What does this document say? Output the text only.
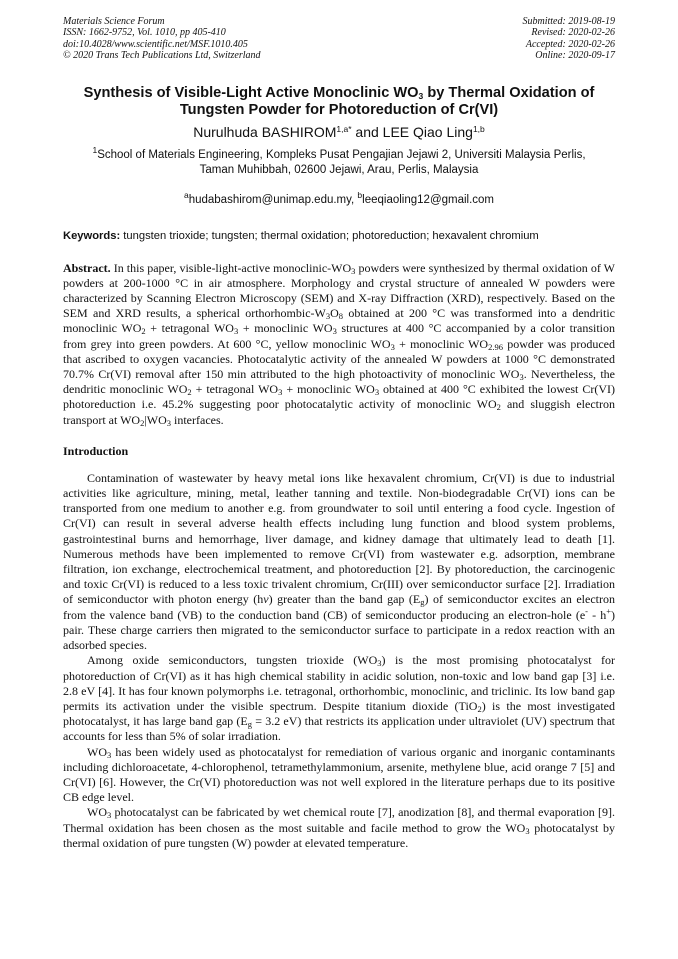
Materials Science Forum
ISSN: 1662-9752, Vol. 1010, pp 405-410
doi:10.4028/www.scientific.net/MSF.1010.405
© 2020 Trans Tech Publications Ltd, Switzerland
Submitted: 2019-08-19
Revised: 2020-02-26
Accepted: 2020-02-26
Online: 2020-09-17
Synthesis of Visible-Light Active Monoclinic $WO_3$ by Thermal Oxidation of Tungsten Powder for Photoreduction of Cr(VI)
Nurulhuda $BASHIROM^{1,a*}$ and LEE Qiao Ling$^{1,b}$
$^1$School of Materials Engineering, Kompleks Pusat Pengajian Jejawi 2, Universiti Malaysia Perlis, Taman Muhibbah, 02600 Jejawi, Arau, Perlis, Malaysia
$^a$hudabashirom@unimap.edu.my, $^b$leeqiaoling12@gmail.com
Keywords: tungsten trioxide; tungsten; thermal oxidation; photoreduction; hexavalent chromium
Abstract. In this paper, visible-light-active monoclinic-$WO_3$ powders were synthesized by thermal oxidation of W powders at 200-1000 °C in air atmosphere. Morphology and crystal structure of annealed W powders were characterized by Scanning Electron Microscopy (SEM) and X-ray Diffraction (XRD), respectively. Based on the SEM and XRD results, a spherical orthorhombic-$W_3O_8$ obtained at 200 °C was transformed into a dendritic monoclinic $WO_2$ + tetragonal $WO_3$ + monoclinic $WO_3$ structures at 400 °C accompanied by a color transition from grey into green powders. At 600 °C, yellow monoclinic $WO_3$ + monoclinic $WO_{2.96}$ powder was produced that ascribed to oxygen vacancies. Photocatalytic activity of the annealed W powders at 1000 °C demonstrated 70.7% Cr(VI) removal after 150 min attributed to the high photoactivity of monoclinic $WO_3$. Nevertheless, the dendritic monoclinic $WO_2$ + tetragonal $WO_3$ + monoclinic $WO_3$ obtained at 400 °C exhibited the lowest Cr(VI) photoreduction i.e. 45.2% suggesting poor photocatalytic activity of monoclinic $WO_2$ and sluggish electron transport at $WO_2|WO_3$ interfaces.
Introduction
Contamination of wastewater by heavy metal ions like hexavalent chromium, Cr(VI) is due to industrial activities like agriculture, mining, metal, leather tanning and textile. Non-biodegradable Cr(VI) ions can be transported from one medium to another e.g. from groundwater to soil until entering a food cycle. Ingestion of Cr(VI) can result in several adverse health effects including lung function and blood system problems, gastrointestinal burns and hemorrhage, liver damage, and kidney damage that ultimately lead to death [1]. Numerous methods have been implemented to remove Cr(VI) from wastewater e.g. adsorption, membrane filtration, ion exchange, electrochemical treatment, and photoreduction [2]. By photoreduction, the carcinogenic and toxic Cr(VI) is reduced to a less toxic trivalent chromium, Cr(III) over semiconductor surface [2]. Irradiation of semiconductor with photon energy (hv) greater than the band gap $(E_g)$ of semiconductor excites an electron from the valence band (VB) to the conduction band (CB) of semiconductor producing an electron-hole (e- - h+) pair. These charge carriers then migrated to the semiconductor surface to participate in a redox reaction with an adsorbed species.
Among oxide semiconductors, tungsten trioxide $(WO_3)$ is the most promising photocatalyst for photoreduction of Cr(VI) as it has high chemical stability in acidic solution, non-toxic and low band gap [3] i.e. 2.8 eV [4]. It has four known polymorphs i.e. tetragonal, orthorhombic, monoclinic, and triclinic. Its low band gap permits its activation under the visible spectrum. Despite titanium dioxide (TiO$_2$) is the most investigated photocatalyst, it has large band gap ($E_g = 3.2$ eV) that restricts its application under ultraviolet (UV) spectrum that accounts for less than 5% of solar irradiation.
$WO_3$ has been widely used as photocatalyst for remediation of various organic and inorganic contaminants including dichloroacetate, 4-chlorophenol, tetramethylammonium, arsenite, methylene blue, acid orange 7 [5] and Cr(VI) [6]. However, the Cr(VI) photoreduction was not well explored in the literature perhaps due to its positive CB edge level.
$WO_3$ photocatalyst can be fabricated by wet chemical route [7], anodization [8], and thermal evaporation [9]. Thermal oxidation has been chosen as the most suitable and facile method to grow the $WO_3$ photocatalyst by thermal oxidation of pure tungsten (W) powder at elevated temperature.
